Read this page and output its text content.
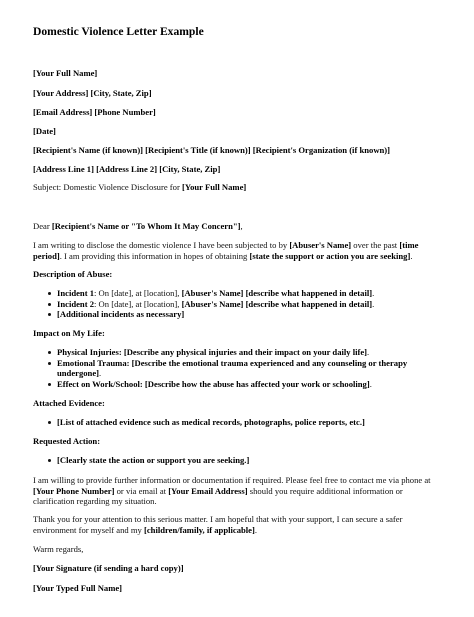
Domestic Violence Letter Example
[Your Full Name]
[Your Address] [City, State, Zip]
[Email Address] [Phone Number]
[Date]
[Recipient's Name (if known)] [Recipient's Title (if known)] [Recipient's Organization (if known)]
[Address Line 1] [Address Line 2] [City, State, Zip]
Subject: Domestic Violence Disclosure for [Your Full Name]
Dear [Recipient's Name or "To Whom It May Concern"],
I am writing to disclose the domestic violence I have been subjected to by [Abuser's Name] over the past [time period]. I am providing this information in hopes of obtaining [state the support or action you are seeking].
Description of Abuse:
Incident 1: On [date], at [location], [Abuser's Name] [describe what happened in detail].
Incident 2: On [date], at [location], [Abuser's Name] [describe what happened in detail].
[Additional incidents as necessary]
Impact on My Life:
Physical Injuries: [Describe any physical injuries and their impact on your daily life].
Emotional Trauma: [Describe the emotional trauma experienced and any counseling or therapy undergone].
Effect on Work/School: [Describe how the abuse has affected your work or schooling].
Attached Evidence:
[List of attached evidence such as medical records, photographs, police reports, etc.]
Requested Action:
[Clearly state the action or support you are seeking.]
I am willing to provide further information or documentation if required. Please feel free to contact me via phone at [Your Phone Number] or via email at [Your Email Address] should you require additional information or clarification regarding my situation.
Thank you for your attention to this serious matter. I am hopeful that with your support, I can secure a safer environment for myself and my [children/family, if applicable].
Warm regards,
[Your Signature (if sending a hard copy)]
[Your Typed Full Name]
